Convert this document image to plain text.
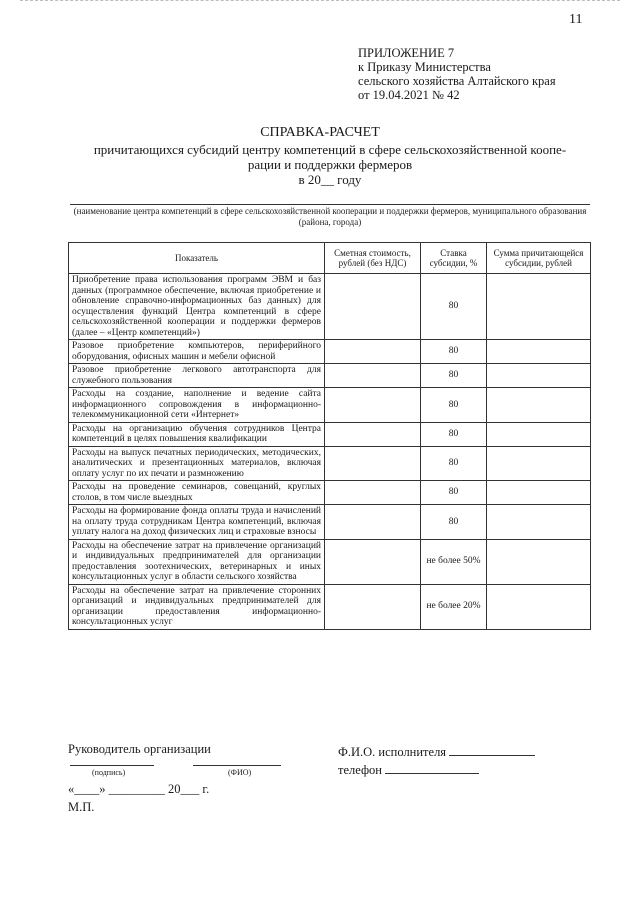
11
ПРИЛОЖЕНИЕ 7
к Приказу Министерства
сельского хозяйства Алтайского края
от 19.04.2021 № 42
СПРАВКА-РАСЧЕТ
причитающихся субсидий центру компетенций в сфере сельскохозяйственной коопе-
рации и поддержки фермеров
в 20__ году
(наименование центра компетенций в сфере сельскохозяйственной кооперации и поддержки фермеров, муниципального образования (района, города)
Показатель	Сметная стоимость, рублей (без НДС)	Ставка субсидии, %	Сумма причитающейся субсидии, рублей
Приобретение права использования программ ЭВМ и баз данных (программное обеспечение, включая приобретение и обновление справочно-информационных баз данных) для осуществления функций Центра компетенций в сфере сельскохозяйственной кооперации и поддержки фермеров (далее – «Центр компетенций»)		80	
Разовое приобретение компьютеров, периферийного оборудования, офисных машин и мебели офисной		80	
Разовое приобретение легкового автотранспорта для служебного пользования		80	
Расходы на создание, наполнение и ведение сайта информационного сопровождения в информационно-телекоммуникационной сети «Интернет»		80	
Расходы на организацию обучения сотрудников Центра компетенций в целях повышения квалификации		80	
Расходы на выпуск печатных периодических, методических, аналитических и презентационных материалов, включая оплату услуг по их печати и размножению		80	
Расходы на проведение семинаров, совещаний, круглых столов, в том числе выездных		80	
Расходы на формирование фонда оплаты труда и начислений на оплату труда сотрудникам Центра компетенций, включая уплату налога на доход физических лиц и страховые взносы		80	
Расходы на обеспечение затрат на привлечение организаций и индивидуальных предпринимателей для организации предоставления зоотехнических, ветеринарных и иных консультационных услуг в области сельского хозяйства		не более 50%	
Расходы на обеспечение затрат на привлечение сторонних организаций и индивидуальных предпринимателей для организации предоставления информационно-консультационных услуг		не более 20%	
Руководитель организации	Ф.И.О. исполнителя
телефон
(подпись)	(ФИО)
«____» _________ 20___ г.
М.П.
